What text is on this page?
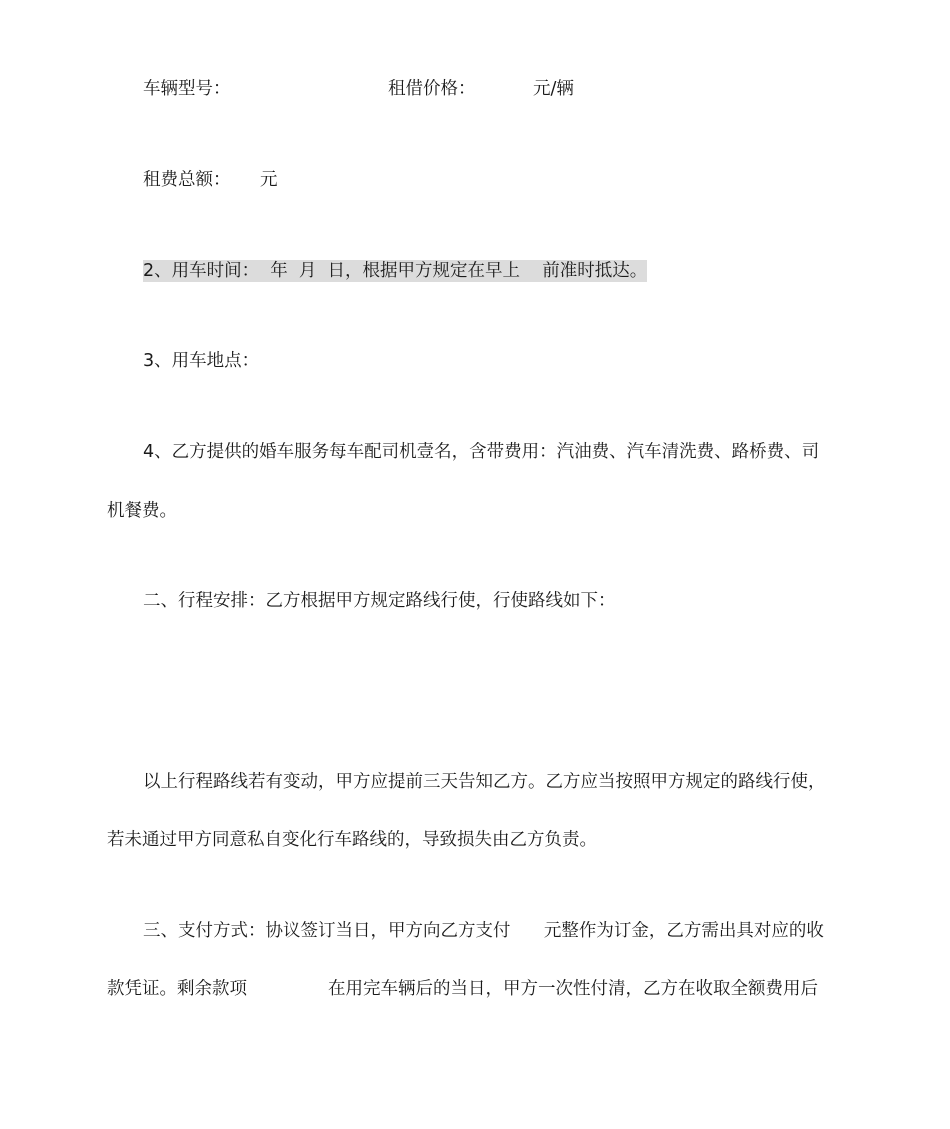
车辆型号：	租借价格：	元/辆
租费总额： 元
2、用车时间：  年  月  日，根据甲方规定在早上    前准时抵达。
3、用车地点：
4、乙方提供的婚车服务每车配司机壹名，含带费用：汽油费、汽车清洗费、路桥费、司
机餐费。
二、行程安排：乙方根据甲方规定路线行使，行使路线如下：
以上行程路线若有变动，甲方应提前三天告知乙方。乙方应当按照甲方规定的路线行使，
若未通过甲方同意私自变化行车路线的，导致损失由乙方负责。
三、支付方式：协议签订当日，甲方向乙方支付      元整作为订金，乙方需出具对应的收
款凭证。剩余款项	在用完车辆后的当日，甲方一次性付清，乙方在收取全额费用后
